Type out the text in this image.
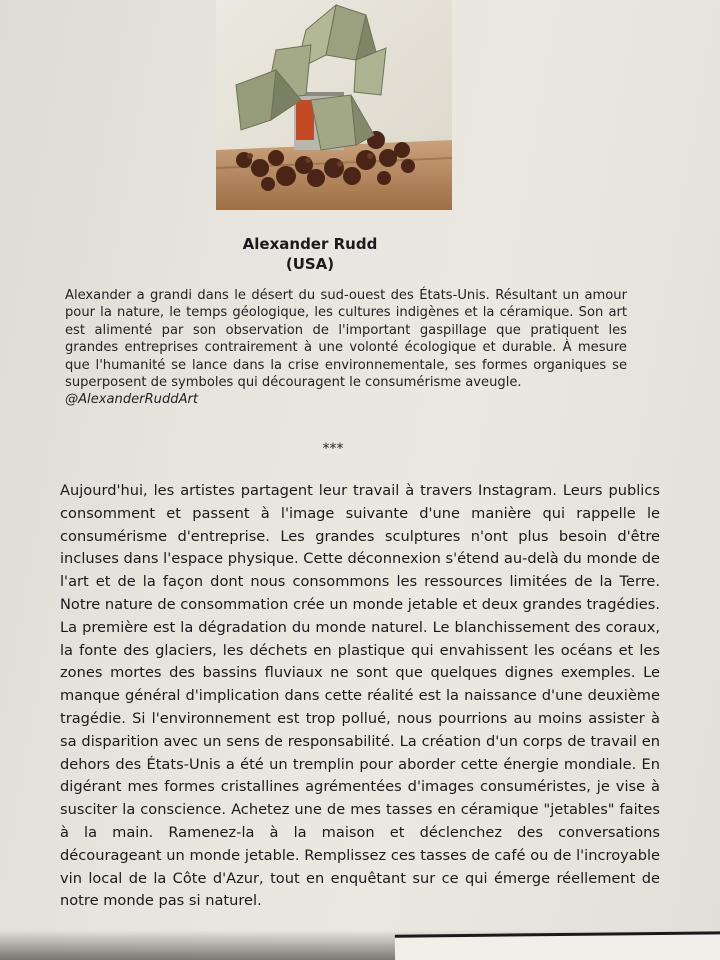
Alexander Rudd
(USA)
Alexander a grandi dans le désert du sud-ouest des États-Unis. Résultant un amour pour la nature, le temps géologique, les cultures indigènes et la céramique. Son art est alimenté par son observation de l'important gaspillage que pratiquent les grandes entreprises contrairement à une volonté écologique et durable. À mesure que l'humanité se lance dans la crise environnementale, ses formes organiques se superposent de symboles qui découragent le consumérisme aveugle.
@AlexanderRuddArt
***

Aujourd'hui, les artistes partagent leur travail à travers Instagram. Leurs publics consomment et passent à l'image suivante d'une manière qui rappelle le consumérisme d'entreprise. Les grandes sculptures n'ont plus besoin d'être incluses dans l'espace physique. Cette déconnexion s'étend au-delà du monde de l'art et de la façon dont nous consommons les ressources limitées de la Terre. Notre nature de consommation crée un monde jetable et deux grandes tragédies. La première est la dégradation du monde naturel. Le blanchissement des coraux, la fonte des glaciers, les déchets en plastique qui envahissent les océans et les zones mortes des bassins fluviaux ne sont que quelques dignes exemples. Le manque général d'implication dans cette réalité est la naissance d'une deuxième tragédie. Si l'environnement est trop pollué, nous pourrions au moins assister à sa disparition avec un sens de responsabilité. La création d'un corps de travail en dehors des États-Unis a été un tremplin pour aborder cette énergie mondiale. En digérant mes formes cristallines agrémentées d'images consuméristes, je vise à susciter la conscience. Achetez une de mes tasses en céramique "jetables" faites à la main. Ramenez-la à la maison et déclenchez des conversations décourageant un monde jetable. Remplissez ces tasses de café ou de l'incroyable vin local de la Côte d'Azur, tout en enquêtant sur ce qui émerge réellement de notre monde pas si naturel.
